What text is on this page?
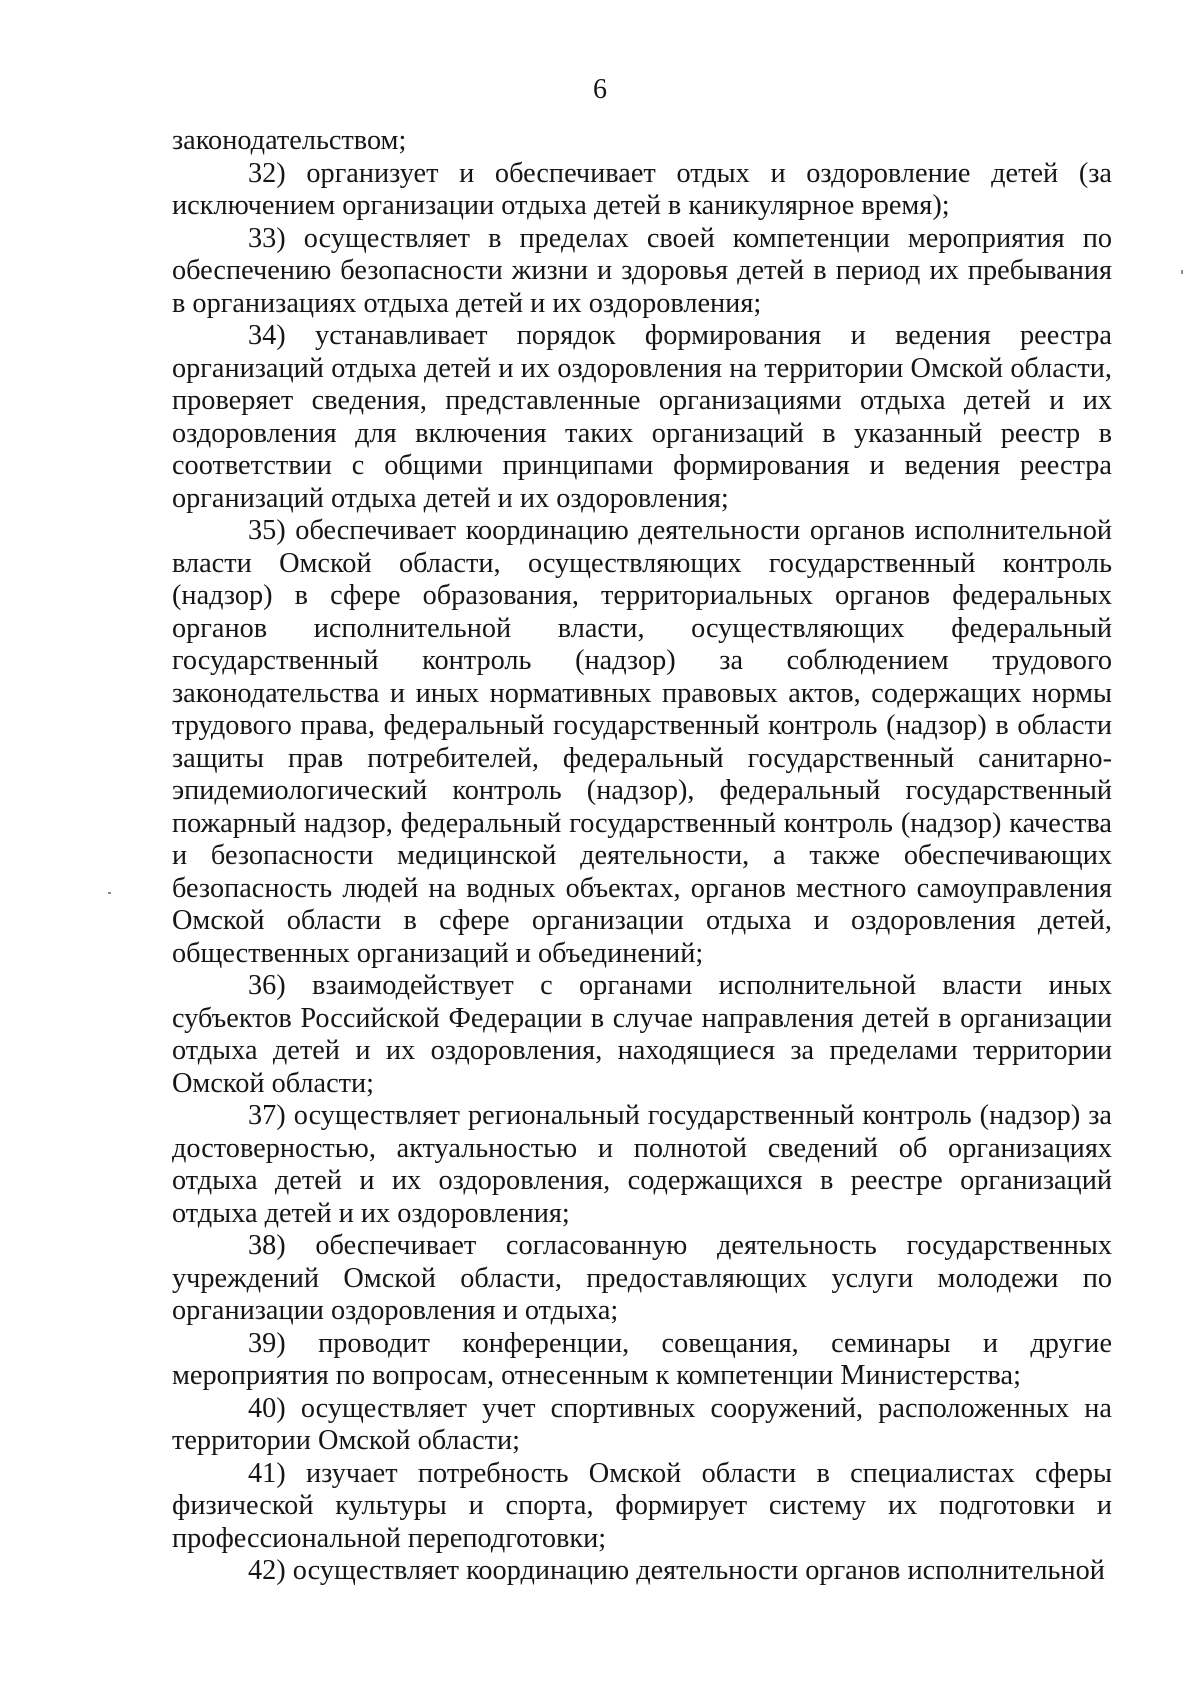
6

законодательством;

32) организует и обеспечивает отдых и оздоровление детей (за исключением организации отдыха детей в каникулярное время);

33) осуществляет в пределах своей компетенции мероприятия по обеспечению безопасности жизни и здоровья детей в период их пребывания в организациях отдыха детей и их оздоровления;

34) устанавливает порядок формирования и ведения реестра организаций отдыха детей и их оздоровления на территории Омской области, проверяет сведения, представленные организациями отдыха детей и их оздоровления для включения таких организаций в указанный реестр в соответствии с общими принципами формирования и ведения реестра организаций отдыха детей и их оздоровления;

35) обеспечивает координацию деятельности органов исполнительной власти Омской области, осуществляющих государственный контроль (надзор) в сфере образования, территориальных органов федеральных органов исполнительной власти, осуществляющих федеральный государственный контроль (надзор) за соблюдением трудового законодательства и иных нормативных правовых актов, содержащих нормы трудового права, федеральный государственный контроль (надзор) в области защиты прав потребителей, федеральный государственный санитарно-эпидемиологический контроль (надзор), федеральный государственный пожарный надзор, федеральный государственный контроль (надзор) качества и безопасности медицинской деятельности, а также обеспечивающих безопасность людей на водных объектах, органов местного самоуправления Омской области в сфере организации отдыха и оздоровления детей, общественных организаций и объединений;

36) взаимодействует с органами исполнительной власти иных субъектов Российской Федерации в случае направления детей в организации отдыха детей и их оздоровления, находящиеся за пределами территории Омской области;

37) осуществляет региональный государственный контроль (надзор) за достоверностью, актуальностью и полнотой сведений об организациях отдыха детей и их оздоровления, содержащихся в реестре организаций отдыха детей и их оздоровления;

38) обеспечивает согласованную деятельность государственных учреждений Омской области, предоставляющих услуги молодежи по организации оздоровления и отдыха;

39) проводит конференции, совещания, семинары и другие мероприятия по вопросам, отнесенным к компетенции Министерства;

40) осуществляет учет спортивных сооружений, расположенных на территории Омской области;

41) изучает потребность Омской области в специалистах сферы физической культуры и спорта, формирует систему их подготовки и профессиональной переподготовки;

42) осуществляет координацию деятельности органов исполнительной
